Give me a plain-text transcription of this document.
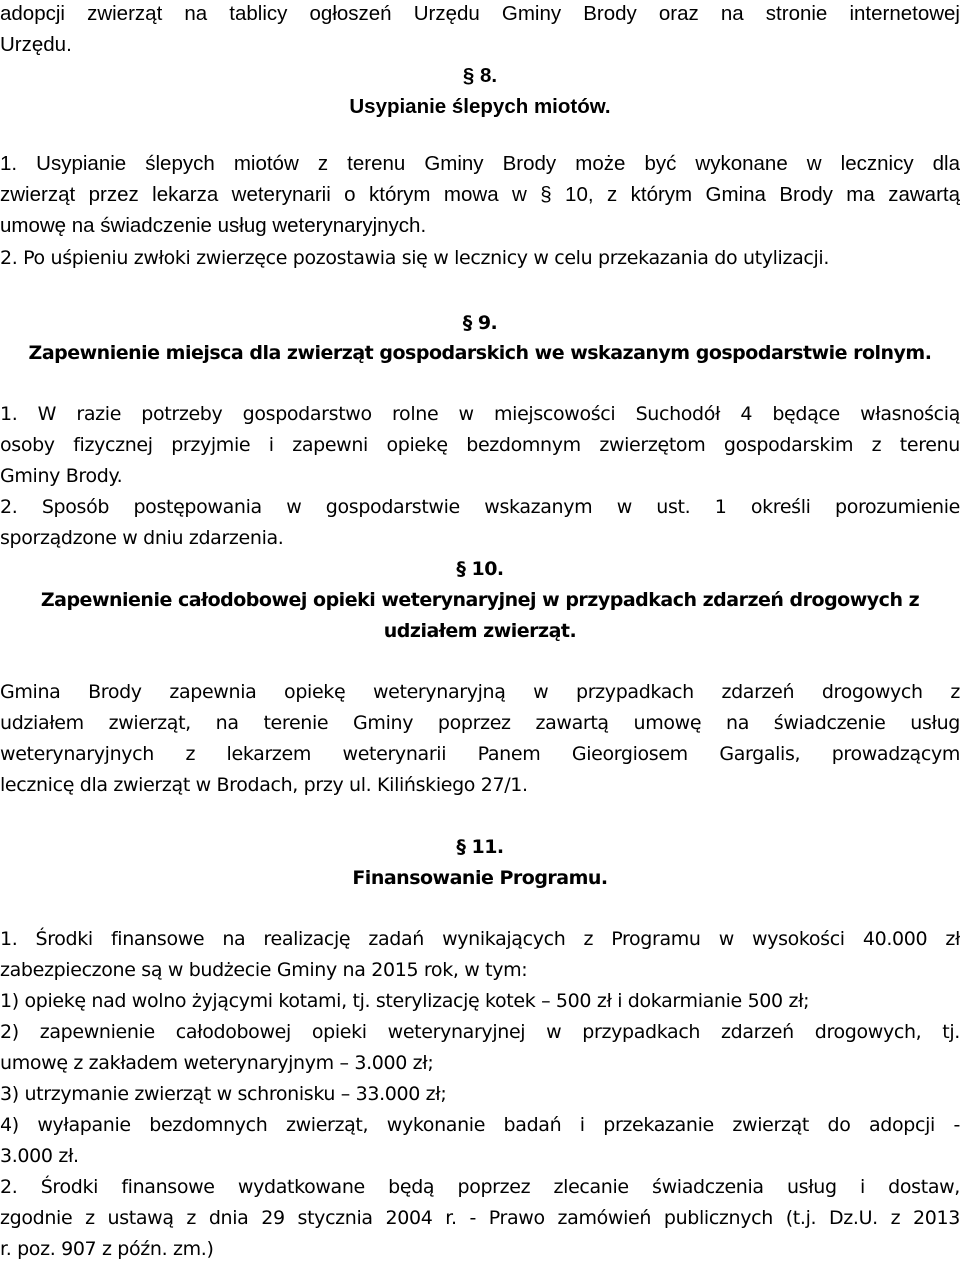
adopcji zwierząt na tablicy ogłoszeń Urzędu Gminy Brody oraz na stronie internetowej
Urzędu.
§ 8.
Usypianie ślepych miotów.
1. Usypianie ślepych miotów z terenu Gminy Brody może być wykonane w lecznicy dla
zwierząt przez lekarza weterynarii o którym mowa w § 10, z którym Gmina Brody ma zawartą
umowę na świadczenie usług weterynaryjnych.
2. Po uśpieniu zwłoki zwierzęce pozostawia się w lecznicy w celu przekazania do utylizacji.
§ 9.
Zapewnienie miejsca dla zwierząt gospodarskich we wskazanym gospodarstwie rolnym.
1. W razie potrzeby gospodarstwo rolne w miejscowości Suchodół 4 będące własnością
osoby fizycznej przyjmie i zapewni opiekę bezdomnym zwierzętom gospodarskim z terenu
Gminy Brody.
2. Sposób postępowania w gospodarstwie wskazanym w ust. 1 określi porozumienie
sporządzone w dniu zdarzenia.
§ 10.
Zapewnienie całodobowej opieki weterynaryjnej w przypadkach zdarzeń drogowych z
udziałem zwierząt.
Gmina Brody zapewnia opiekę weterynaryjną w przypadkach zdarzeń drogowych z
udziałem zwierząt, na terenie Gminy poprzez zawartą umowę na świadczenie usług
weterynaryjnych z lekarzem weterynarii Panem Gieorgiosem Gargalis, prowadzącym
lecznicę dla zwierząt w Brodach, przy ul. Kilińskiego 27/1.
§ 11.
Finansowanie Programu.
1. Środki finansowe na realizację zadań wynikających z Programu w wysokości 40.000 zł
zabezpieczone są w budżecie Gminy na 2015 rok, w tym:
1) opiekę nad wolno żyjącymi kotami, tj. sterylizację kotek – 500 zł i dokarmianie 500 zł;
2) zapewnienie całodobowej opieki weterynaryjnej w przypadkach zdarzeń drogowych, tj.
umowę z zakładem weterynaryjnym – 3.000 zł;
3) utrzymanie zwierząt w schronisku – 33.000 zł;
4) wyłapanie bezdomnych zwierząt, wykonanie badań i przekazanie zwierząt do adopcji -
3.000 zł.
2. Środki finansowe wydatkowane będą poprzez zlecanie świadczenia usług i dostaw,
zgodnie z ustawą z dnia 29 stycznia 2004 r. - Prawo zamówień publicznych (t.j. Dz.U. z 2013
r. poz. 907 z późn. zm.)
